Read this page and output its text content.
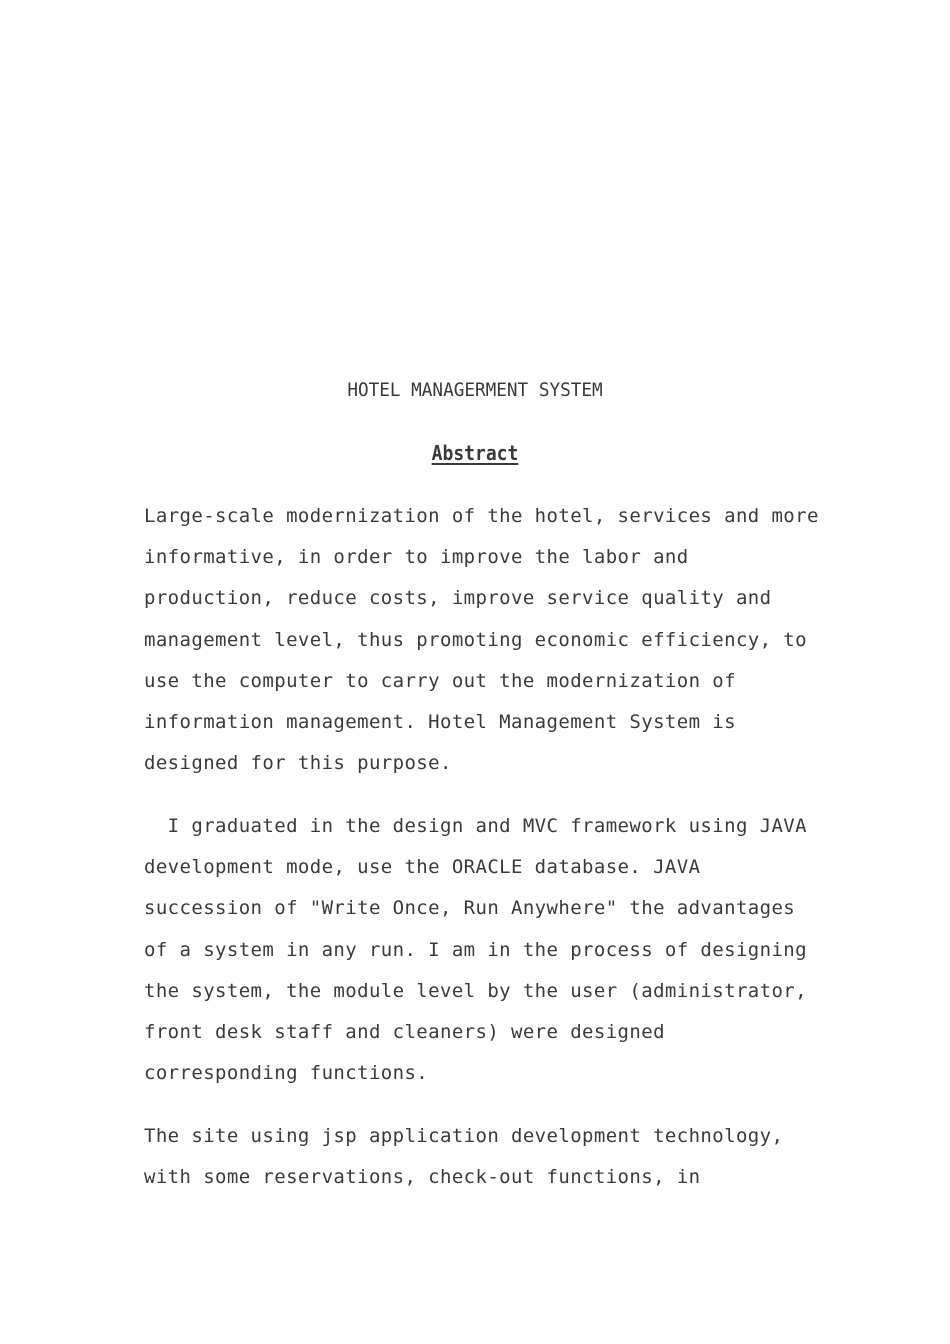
HOTEL MANAGERMENT SYSTEM
Abstract
Large-scale modernization of the hotel, services and more
informative, in order to improve the labor and
production, reduce costs, improve service quality and
management level, thus promoting economic efficiency, to
use the computer to carry out the modernization of
information management. Hotel Management System is
designed for this purpose.
I graduated in the design and MVC framework using JAVA
development mode, use the ORACLE database. JAVA
succession of "Write Once, Run Anywhere" the advantages
of a system in any run. I am in the process of designing
the system, the module level by the user (administrator,
front desk staff and cleaners) were designed
corresponding functions.
The site using jsp application development technology,
with some reservations, check-out functions, in
